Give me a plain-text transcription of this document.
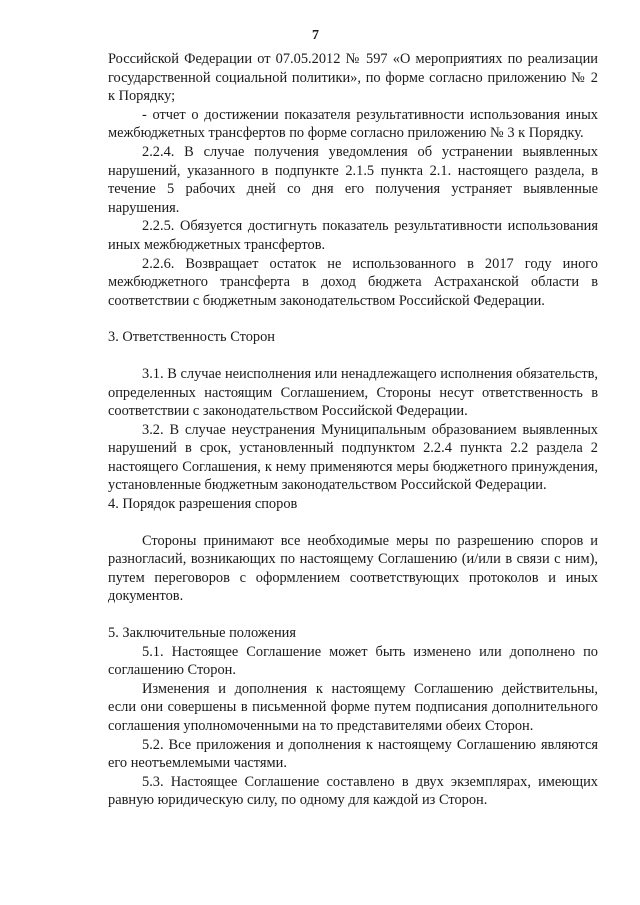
7

Российской Федерации от 07.05.2012 № 597 «О мероприятиях по реализации государственной социальной политики», по форме согласно приложению № 2 к Порядку;

- отчет о достижении показателя результативности использования иных межбюджетных трансфертов по форме согласно приложению № 3 к Порядку.

2.2.4. В случае получения уведомления об устранении выявленных нарушений, указанного в подпункте 2.1.5 пункта 2.1. настоящего раздела, в течение 5 рабочих дней со дня его получения устраняет выявленные нарушения.

2.2.5. Обязуется достигнуть показатель результативности использования иных межбюджетных трансфертов.

2.2.6. Возвращает остаток не использованного в 2017 году иного межбюджетного трансферта в доход бюджета Астраханской области в соответствии с бюджетным законодательством Российской Федерации.

3. Ответственность Сторон

3.1. В случае неисполнения или ненадлежащего исполнения обязательств, определенных настоящим Соглашением, Стороны несут ответственность в соответствии с законодательством Российской Федерации.

3.2. В случае неустранения Муниципальным образованием выявленных нарушений в срок, установленный подпунктом 2.2.4 пункта 2.2 раздела 2 настоящего Соглашения, к нему применяются меры бюджетного принуждения, установленные бюджетным законодательством Российской Федерации.

4. Порядок разрешения споров

Стороны принимают все необходимые меры по разрешению споров и разногласий, возникающих по настоящему Соглашению (и/или в связи с ним), путем переговоров с оформлением соответствующих протоколов и иных документов.

5. Заключительные положения

5.1. Настоящее Соглашение может быть изменено или дополнено по соглашению Сторон.

Изменения и дополнения к настоящему Соглашению действительны, если они совершены в письменной форме путем подписания дополнительного соглашения уполномоченными на то представителями обеих Сторон.

5.2. Все приложения и дополнения к настоящему Соглашению являются его неотъемлемыми частями.

5.3. Настоящее Соглашение составлено в двух экземплярах, имеющих равную юридическую силу, по одному для каждой из Сторон.
